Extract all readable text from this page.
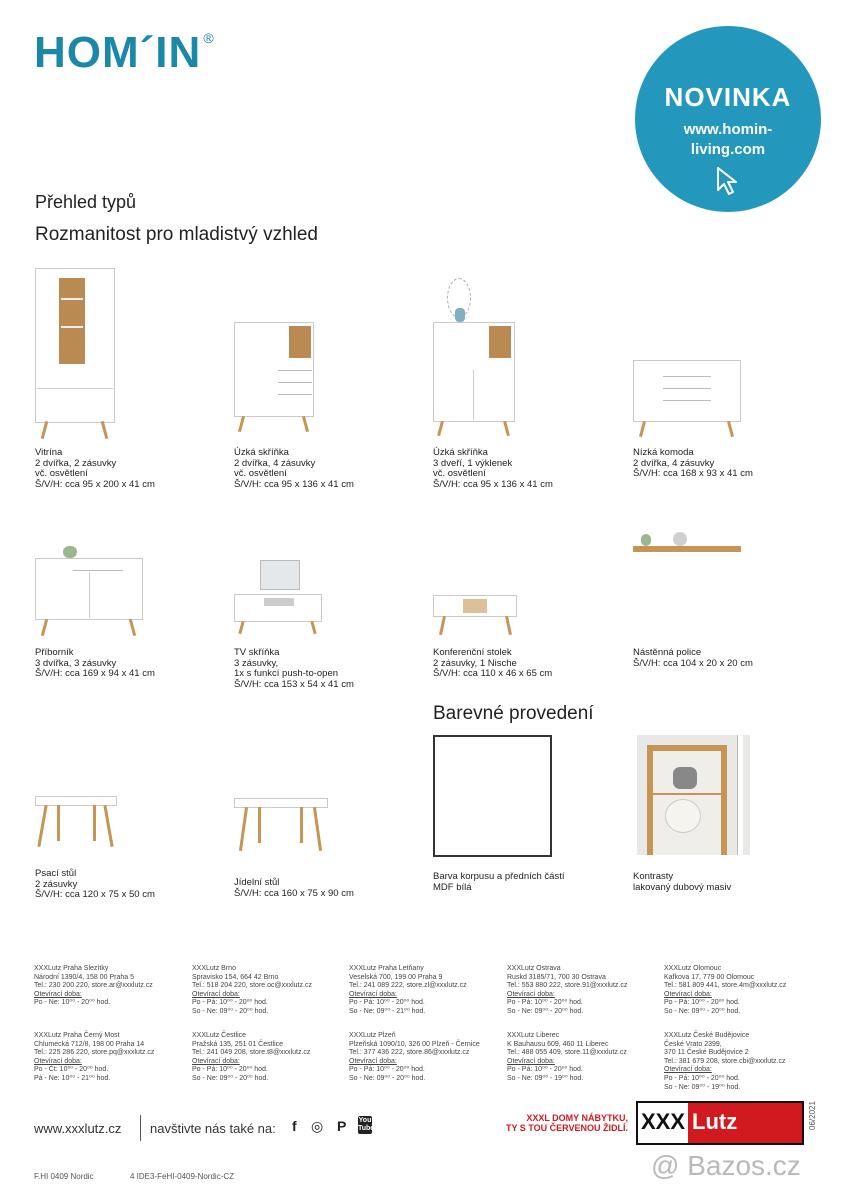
HOM´IN ®
NOVINKA
www.homin-
living.com
Přehled typů
Rozmanitost pro mladistvý vzhled
Vitrína
2 dvířka, 2 zásuvky
vč. osvětlení
Š/V/H: cca 95 x 200 x 41 cm
Úzká skříňka
2 dvířka, 4 zásuvky
vč. osvětlení
Š/V/H: cca 95 x 136 x 41 cm
Úzká skříňka
3 dveří, 1 výklenek
vč. osvětlení
Š/V/H: cca 95 x 136 x 41 cm
Nízká komoda
2 dvířka, 4 zásuvky
Š/V/H: cca 168 x 93 x 41 cm
Příborník
3 dvířka, 3 zásuvky
Š/V/H: cca 169 x 94 x 41 cm
TV skříňka
3 zásuvky,
1x s funkcí push-to-open
Š/V/H: cca 153 x 54 x 41 cm
Konferenční stolek
2 zásuvky, 1 Nische
Š/V/H: cca 110 x 46 x 65 cm
Nástěnná police
Š/V/H: cca 104 x 20 x 20 cm
Barevné provedení
Psací stůl
2 zásuvky
Š/V/H: cca 120 x 75 x 50 cm
Jídelní stůl
Š/V/H: cca 160 x 75 x 90 cm
Barva korpusu a předních částí
MDF bílá
Kontrasty
lakovaný dubový masiv
XXXLutz Praha Slezítky
Národní 1390/4, 158 00 Praha 5
Tel.: 230 200 220, store.ar@xxxlutz.cz
Otevírací doba:
Po - Ne: 10⁰⁰ - 20⁰⁰ hod.
XXXLutz Brno
Spravisko 154, 664 42 Brno
Tel.: 518 204 220, store.oc@xxxlutz.cz
Otevírací doba:
Po - Pá: 10⁰⁰ - 20⁰⁰ hod.
So - Ne: 09⁰⁰ - 20⁰⁰ hod.
XXXLutz Praha Letňany
Veselská 700, 199 00 Praha 9
Tel.: 241 089 222, store.zl@xxxlutz.cz
Otevírací doba:
Po - Pá: 10⁰⁰ - 20⁰⁰ hod.
So - Ne: 09⁰⁰ - 21⁰⁰ hod.
XXXLutz Ostrava
Ruskd 3185/71, 700 30 Ostrava
Tel.: 553 880 222, store.91@xxxlutz.cz
Otevírací doba:
Po - Pá: 10⁰⁰ - 20⁰⁰ hod.
So - Ne: 09⁰⁰ - 20⁰⁰ hod.
XXXLutz Olomouc
Kafkova 17, 779 00 Olomouc
Tel.: 581 809 441, store.4m@xxxlutz.cz
Otevírací doba:
Po - Pá: 10⁰⁰ - 20⁰⁰ hod.
So - Ne: 09⁰⁰ - 20⁰⁰ hod.
XXXLutz Praha Černý Most
Chlumecká 712/8, 198 00 Praha 14
Tel.: 225 286 220, store.pq@xxxlutz.cz
Otevírací doba:
Po - Čt: 10⁰⁰ - 20⁰⁰ hod.
Pá - Ne: 10⁰⁰ - 21⁰⁰ hod.
XXXLutz Čestlice
Pražská 135, 251 01 Čestlice
Tel.: 241 049 208, store.t8@xxxlutz.cz
Otevírací doba:
Po - Pá: 10⁰⁰ - 20⁰⁰ hod.
So - Ne: 09⁰⁰ - 20⁰⁰ hod.
XXXLutz Plzeň
Plzeňská 1090/10, 326 00 Plzeň - Černice
Tel.: 377 436 222, store.86@xxxlutz.cz
Otevírací doba:
Po - Pá: 10⁰⁰ - 20⁰⁰ hod.
So - Ne: 09⁰⁰ - 20⁰⁰ hod.
XXXLutz Liberec
K Bauhausu 609, 460 11 Liberec
Tel.: 488 055 409, store.11@xxxlutz.cz
Otevírací doba:
Po - Pá: 10⁰⁰ - 20⁰⁰ hod.
So - Ne: 09⁰⁰ - 19⁰⁰ hod.
XXXLutz České Budějovice
České Vrato 2399,
370 11 České Budějovice 2
Tel.: 381 679 208, store.cbi@xxxlutz.cz
Otevírací doba:
Po - Pá: 10⁰⁰ - 20⁰⁰ hod.
So - Ne: 09⁰⁰ - 19⁰⁰ hod.
www.xxxlutz.cz navštivte nás také na: f ◎ P You Tube
XXXL DOMY NÁBYTKU,
TY S TOU ČERVENOU ŽIDLÍ. XXX Lutz
F.HI 0409 Nordic	4 IDE3-FeHI-0409-Nordic-CZ
06/2021
@ Bazos.cz
